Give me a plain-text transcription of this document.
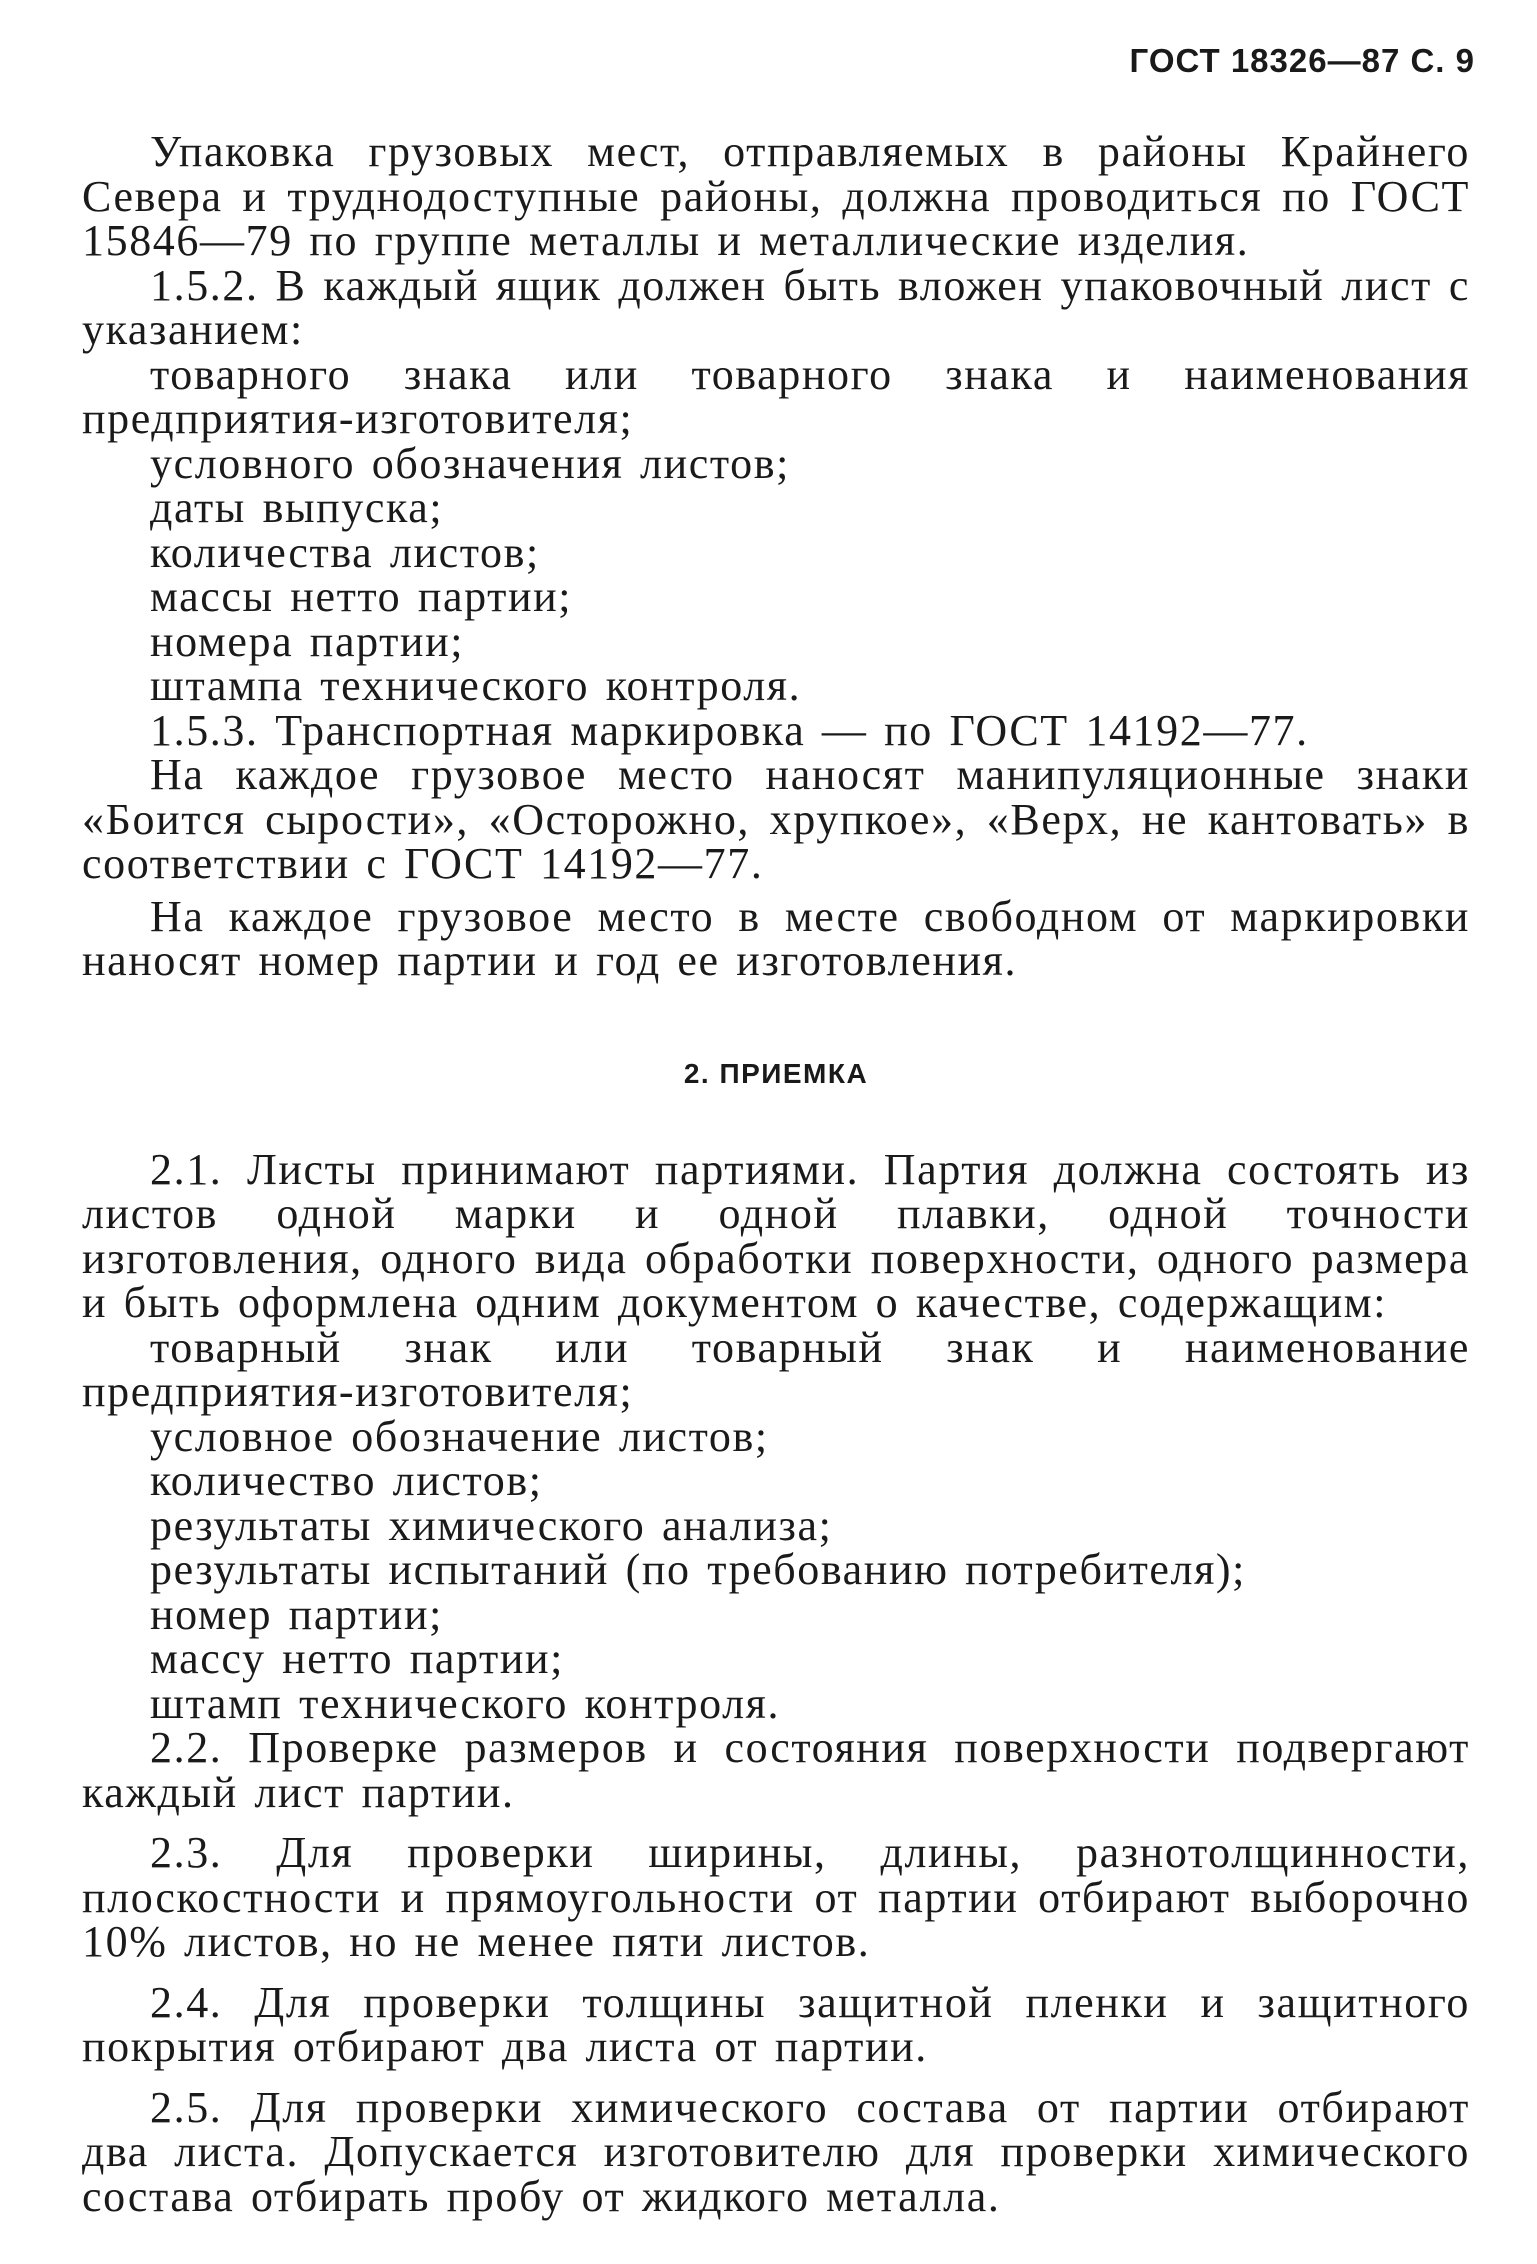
ГОСТ 18326—87 С. 9

Упаковка грузовых мест, отправляемых в районы Крайнего Севера и труднодоступные районы, должна проводиться по ГОСТ 15846—79 по группе металлы и металлические изделия.

1.5.2. В каждый ящик должен быть вложен упаковочный лист с указанием:

товарного знака или товарного знака и наименования предприятия-изготовителя;

условного обозначения листов;

даты выпуска;

количества листов;

массы нетто партии;

номера партии;

штампа технического контроля.

1.5.3. Транспортная маркировка — по ГОСТ 14192—77.

На каждое грузовое место наносят манипуляционные знаки «Боится сырости», «Осторожно, хрупкое», «Верх, не кантовать» в соответствии с ГОСТ 14192—77.

На каждое грузовое место в месте свободном от маркировки наносят номер партии и год ее изготовления.

2. ПРИЕМКА

2.1. Листы принимают партиями. Партия должна состоять из листов одной марки и одной плавки, одной точности изготовления, одного вида обработки поверхности, одного размера и быть оформлена одним документом о качестве, содержащим:

товарный знак или товарный знак и наименование предприятия-изготовителя;

условное обозначение листов;

количество листов;

результаты химического анализа;

результаты испытаний (по требованию потребителя);

номер партии;

массу нетто партии;

штамп технического контроля.

2.2. Проверке размеров и состояния поверхности подвергают каждый лист партии.

2.3. Для проверки ширины, длины, разнотолщинности, плоскостности и прямоугольности от партии отбирают выборочно 10% листов, но не менее пяти листов.

2.4. Для проверки толщины защитной пленки и защитного покрытия отбирают два листа от партии.

2.5. Для проверки химического состава от партии отбирают два листа. Допускается изготовителю для проверки химического состава отбирать пробу от жидкого металла.
